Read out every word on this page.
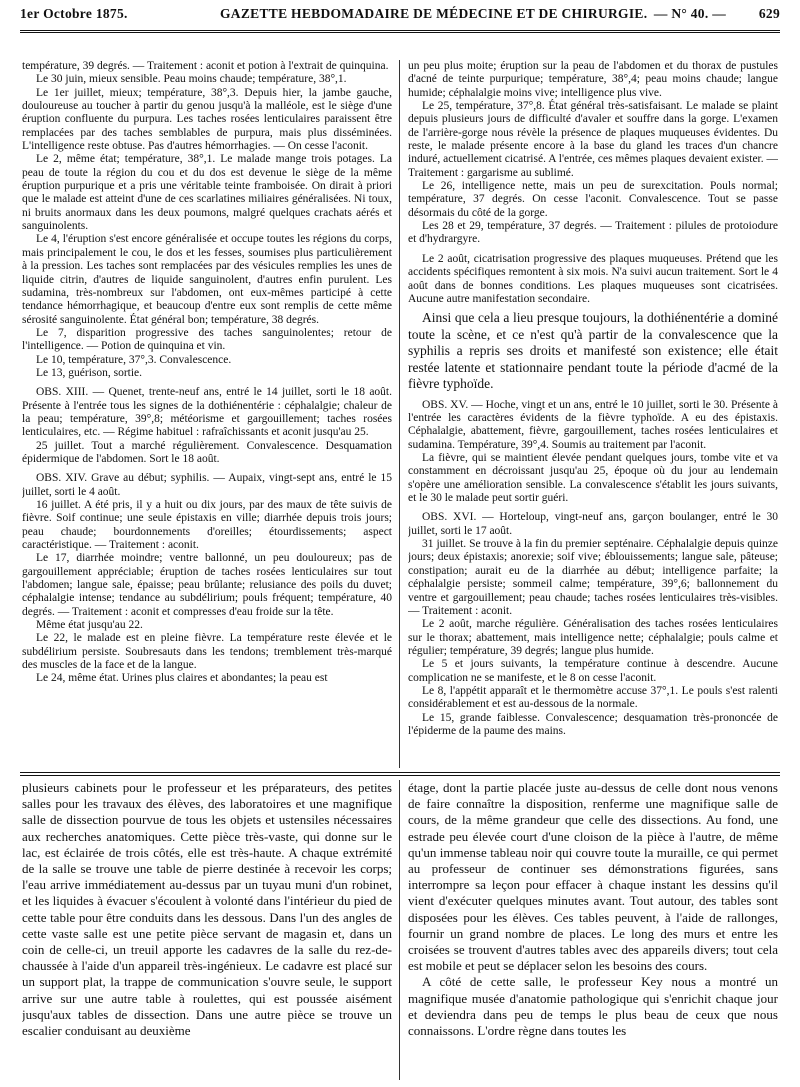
1er Octobre 1875.	GAZETTE HEBDOMADAIRE DE MÉDECINE ET DE CHIRURGIE. — N° 40. — 629

température, 39 degrés. — Traitement : aconit et potion à l'extrait de quinquina.

Le 30 juin, mieux sensible. Peau moins chaude; température, 38°,1.

Le 1er juillet, mieux; température, 38°,3. Depuis hier, la jambe gauche, douloureuse au toucher à partir du genou jusqu'à la malléole, est le siège d'une éruption confluente du purpura. Les taches rosées lenticulaires paraissent être remplacées par des taches semblables de purpura, mais plus disséminées. L'intelligence reste obtuse. Pas d'autres hémorrhagies. — On cesse l'aconit.

Le 2, même état; température, 38°,1. Le malade mange trois potages. La peau de toute la région du cou et du dos est devenue le siège de la même éruption purpurique et a pris une véritable teinte framboisée. On dirait à priori que le malade est atteint d'une de ces scarlatines miliaires généralisées. Ni toux, ni bruits anormaux dans les deux poumons, malgré quelques crachats aérés et sanguinolents.

Le 4, l'éruption s'est encore généralisée et occupe toutes les régions du corps, mais principalement le cou, le dos et les fesses, soumises plus particulièrement à la pression. Les taches sont remplacées par des vésicules remplies les unes de liquide citrin, d'autres de liquide sanguinolent, d'autres enfin purulent. Les sudamina, très-nombreux sur l'abdomen, ont eux-mêmes participé à cette tendance hémorrhagique, et beaucoup d'entre eux sont remplis de cette même sérosité sanguinolente. État général bon; température, 38 degrés.

Le 7, disparition progressive des taches sanguinolentes; retour de l'intelligence. — Potion de quinquina et vin.

Le 10, température, 37°,3. Convalescence.

Le 13, guérison, sortie.

OBS. XIII. — Quenet, trente-neuf ans, entré le 14 juillet, sorti le 18 août. Présente à l'entrée tous les signes de la dothiénentérie : céphalalgie; chaleur de la peau; température, 39°,8; météorisme et gargouillement; taches rosées lenticulaires, etc. — Régime habituel : rafraîchissants et aconit jusqu'au 25.

25 juillet. Tout a marché régulièrement. Convalescence. Desquamation épidermique de l'abdomen. Sort le 18 août.

OBS. XIV. Grave au début; syphilis. — Aupaix, vingt-sept ans, entré le 15 juillet, sorti le 4 août.

16 juillet. A été pris, il y a huit ou dix jours, par des maux de tête suivis de fièvre. Soif continue; une seule épistaxis en ville; diarrhée depuis trois jours; peau chaude; bourdonnements d'oreilles; étourdissements; aspect caractéristique. — Traitement : aconit.

Le 17, diarrhée moindre; ventre ballonné, un peu douloureux; pas de gargouillement appréciable; éruption de taches rosées lenticulaires sur tout l'abdomen; langue sale, épaisse; peau brûlante; relusiance des poils du duvet; céphalalgie intense; tendance au subdélirium; pouls fréquent; température, 40 degrés. — Traitement : aconit et compresses d'eau froide sur la tête.

Même état jusqu'au 22.

Le 22, le malade est en pleine fièvre. La température reste élevée et le subdélirium persiste. Soubresauts dans les tendons; tremblement très-marqué des muscles de la face et de la langue.

Le 24, même état. Urines plus claires et abondantes; la peau est

un peu plus moite; éruption sur la peau de l'abdomen et du thorax de pustules d'acné de teinte purpurique; température, 38°,4; peau moins chaude; langue humide; céphalalgie moins vive; intelligence plus vive.

Le 25, température, 37°,8. État général très-satisfaisant. Le malade se plaint depuis plusieurs jours de difficulté d'avaler et souffre dans la gorge. L'examen de l'arrière-gorge nous révèle la présence de plaques muqueuses évidentes. Du reste, le malade présente encore à la base du gland les traces d'un chancre induré, actuellement cicatrisé. A l'entrée, ces mêmes plaques devaient exister. — Traitement : gargarisme au sublimé.

Le 26, intelligence nette, mais un peu de surexcitation. Pouls normal; température, 37 degrés. On cesse l'aconit. Convalescence. Tout se passe désormais du côté de la gorge.

Les 28 et 29, température, 37 degrés. — Traitement : pilules de protoiodure et d'hydrargyre.

Le 2 août, cicatrisation progressive des plaques muqueuses. Prétend que les accidents spécifiques remontent à six mois. N'a suivi aucun traitement. Sort le 4 août dans de bonnes conditions. Les plaques muqueuses sont cicatrisées. Aucune autre manifestation secondaire.

Ainsi que cela a lieu presque toujours, la dothiénentérie a dominé toute la scène, et ce n'est qu'à partir de la convalescence que la syphilis a repris ses droits et manifesté son existence; elle était restée latente et stationnaire pendant toute la période d'acmé de la fièvre typhoïde.

OBS. XV. — Hoche, vingt et un ans, entré le 10 juillet, sorti le 30. Présente à l'entrée les caractères évidents de la fièvre typhoïde. A eu des épistaxis. Céphalalgie, abattement, fièvre, gargouillement, taches rosées lenticulaires et sudamina. Température, 39°,4. Soumis au traitement par l'aconit.

La fièvre, qui se maintient élevée pendant quelques jours, tombe vite et va constamment en décroissant jusqu'au 25, époque où du jour au lendemain s'opère une amélioration sensible. La convalescence s'établit les jours suivants, et le 30 le malade peut sortir guéri.

OBS. XVI. — Horteloup, vingt-neuf ans, garçon boulanger, entré le 30 juillet, sorti le 17 août.

31 juillet. Se trouve à la fin du premier septénaire. Céphalalgie depuis quinze jours; deux épistaxis; anorexie; soif vive; éblouissements; langue sale, pâteuse; constipation; aurait eu de la diarrhée au début; intelligence parfaite; la céphalalgie persiste; sommeil calme; température, 39°,6; ballonnement du ventre et gargouillement; peau chaude; taches rosées lenticulaires très-visibles. — Traitement : aconit.

Le 2 août, marche régulière. Généralisation des taches rosées lenticulaires sur le thorax; abattement, mais intelligence nette; céphalalgie; pouls calme et régulier; température, 39 degrés; langue plus humide.

Le 5 et jours suivants, la température continue à descendre. Aucune complication ne se manifeste, et le 8 on cesse l'aconit.

Le 8, l'appétit apparaît et le thermomètre accuse 37°,1. Le pouls s'est ralenti considérablement et est au-dessous de la normale.

Le 15, grande faiblesse. Convalescence; desquamation très-prononcée de l'épiderme de la paume des mains.

plusieurs cabinets pour le professeur et les préparateurs, des petites salles pour les travaux des élèves, des laboratoires et une magnifique salle de dissection pourvue de tous les objets et ustensiles nécessaires aux recherches anatomiques. Cette pièce très-vaste, qui donne sur le lac, est éclairée de trois côtés, elle est très-haute. A chaque extrémité de la salle se trouve une table de pierre destinée à recevoir les corps; l'eau arrive immédiatement au-dessus par un tuyau muni d'un robinet, et les liquides à évacuer s'écoulent à volonté dans l'intérieur du pied de cette table pour être conduits dans les dessous. Dans l'un des angles de cette vaste salle est une petite pièce servant de magasin et, dans un coin de celle-ci, un treuil apporte les cadavres de la salle du rez-de-chaussée à l'aide d'un appareil très-ingénieux. Le cadavre est placé sur un support plat, la trappe de communication s'ouvre seule, le support arrive sur une autre table à roulettes, qui est poussée aisément jusqu'aux tables de dissection. Dans une autre pièce se trouve un escalier conduisant au deuxième

étage, dont la partie placée juste au-dessus de celle dont nous venons de faire connaître la disposition, renferme une magnifique salle de cours, de la même grandeur que celle des dissections. Au fond, une estrade peu élevée court d'une cloison de la pièce à l'autre, de même qu'un immense tableau noir qui couvre toute la muraille, ce qui permet au professeur de continuer ses démonstrations figurées, sans interrompre sa leçon pour effacer à chaque instant les dessins qu'il vient d'exécuter quelques minutes avant. Tout autour, des tables sont disposées pour les élèves. Ces tables peuvent, à l'aide de rallonges, fournir un grand nombre de places. Le long des murs et entre les croisées se trouvent d'autres tables avec des appareils divers; tout cela est mobile et peut se déplacer selon les besoins des cours.

A côté de cette salle, le professeur Key nous a montré un magnifique musée d'anatomie pathologique qui s'enrichit chaque jour et deviendra dans peu de temps le plus beau de ceux que nous connaissons. L'ordre règne dans toutes les
